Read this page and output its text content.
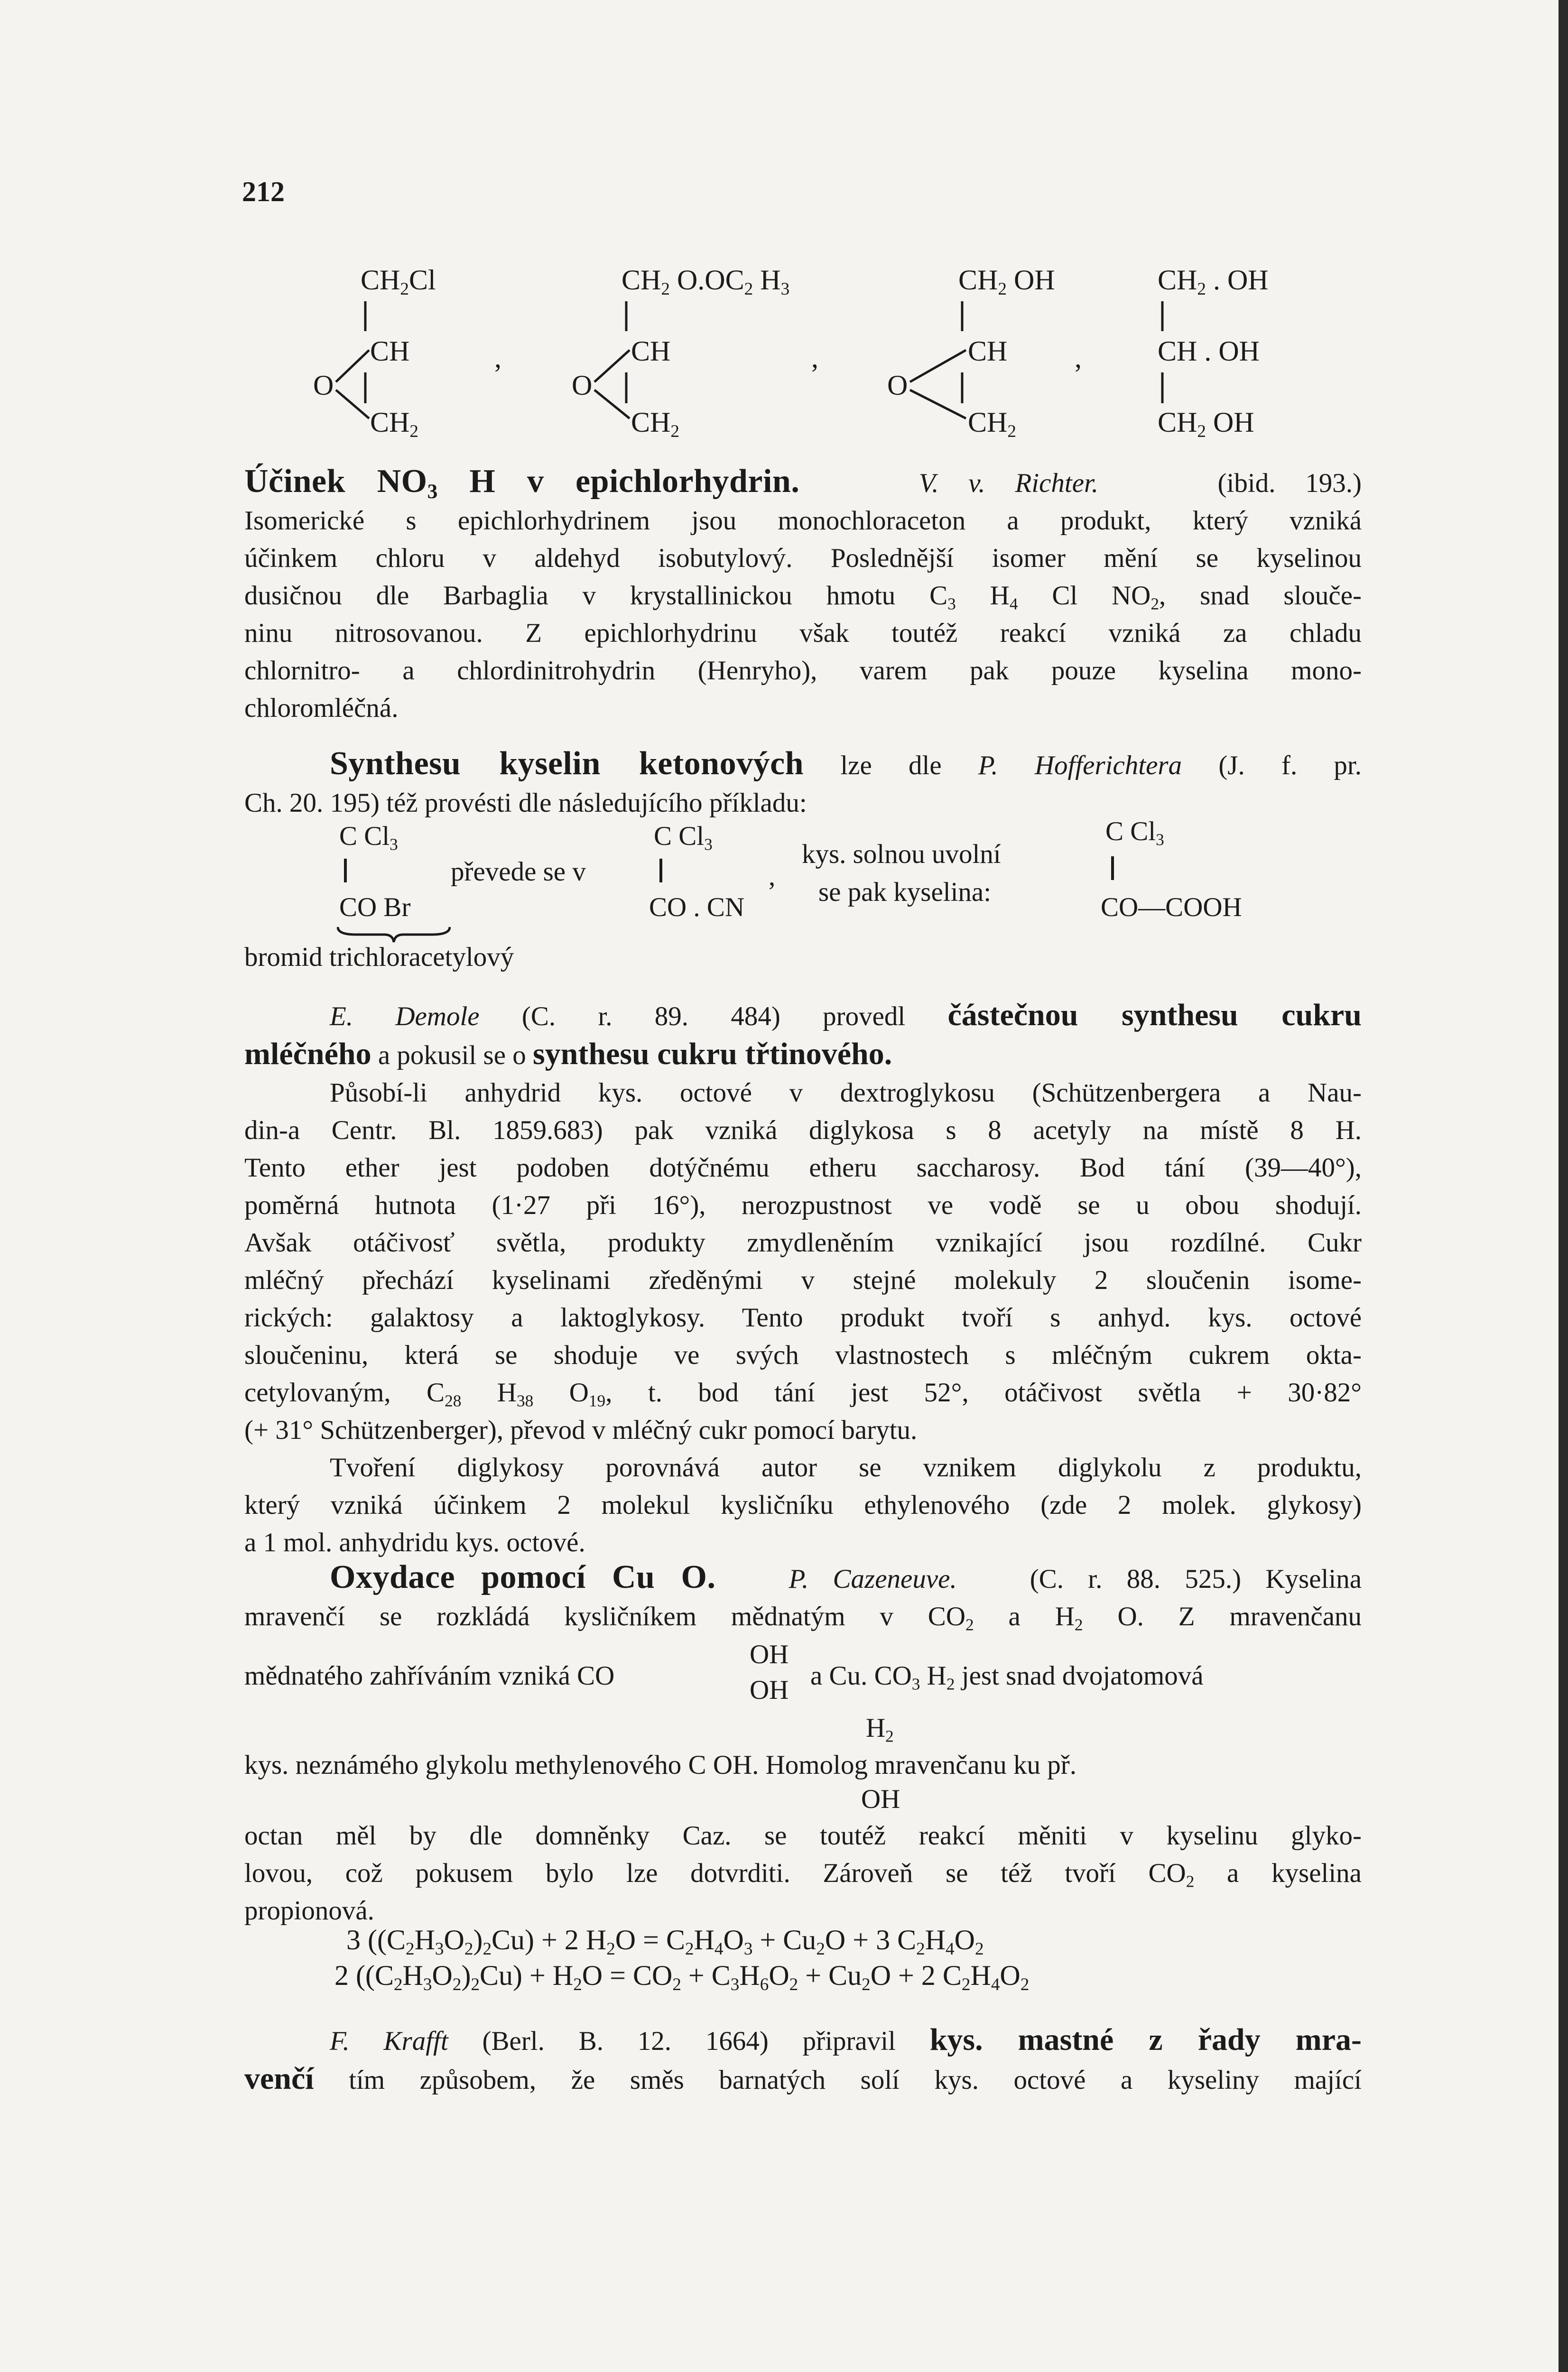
212
$CH_2Cl$
CH
$CH_2$
O
,
$CH_2$ $O.OC_2$ $H_3$
CH
$CH_2$
O
,
$CH_2$ OH
CH
$CH_2$
O
,
$CH_2$ . OH
CH . OH
$CH_2$ OH
Účinek $NO_3$ H v epichlorhydrin.	V. v. Richter.	(ibid. 193.)
Isomerické s epichlorhydrinem jsou monochloraceton a produkt, který vzniká
účinkem chloru v aldehyd isobutylový. Poslednější isomer mění se kyselinou
dusičnou dle Barbaglia v krystallinickou hmotu $C_3$ $H_4$ Cl $NO_2$, snad slouče-
ninu nitrosovanou. Z epichlorhydrinu však toutéž reakcí vzniká za chladu
chlornitro- a chlordinitrohydrin (Henryho), varem pak pouze kyselina mono-
chloromléčná.
Synthesu kyselin ketonových lze dle P. Hofferichtera (J. f. pr.
Ch. 20. 195) též provésti dle následujícího příkladu:
C $Cl_3$
CO Br
převede se v
C $Cl_3$
CO . CN
,
kys. solnou uvolní
se pak kyselina:
C $Cl_3$
CO—COOH
bromid trichloracetylový
E. Demole (C. r. 89. 484) provedl částečnou synthesu cukru
mléčného a pokusil se o synthesu cukru třtinového.
Působí-li anhydrid kys. octové v dextroglykosu (Schützenbergera a Nau-
din-a Centr. Bl. 1859.683) pak vzniká diglykosa s 8 acetyly na místě 8 H.
Tento ether jest podoben dotýčnému etheru saccharosy. Bod tání (39—40°),
poměrná hutnota (1·27 při 16°), nerozpustnost ve vodě se u obou shodují.
Avšak otáčivosť světla, produkty zmydleněním vznikající jsou rozdílné. Cukr
mléčný přechází kyselinami zředěnými v stejné molekuly 2 sloučenin isome-
rických: galaktosy a laktoglykosy. Tento produkt tvoří s anhyd. kys. octové
sloučeninu, která se shoduje ve svých vlastnostech s mléčným cukrem okta-
cetylovaným, $C_{28}$ $H_{38}$ $O_{19}$, t. bod tání jest 52°, otáčivost světla + 30·82°
(+ 31° Schützenberger), převod v mléčný cukr pomocí barytu.
Tvoření diglykosy porovnává autor se vznikem diglykolu z produktu,
který vzniká účinkem 2 molekul kysličníku ethylenového (zde 2 molek. glykosy)
a 1 mol. anhydridu kys. octové.
Oxydace pomocí Cu O.	P. Cazeneuve.	(C. r. 88. 525.) Kyselina
mravenčí se rozkládá kysličníkem mědnatým v $CO_2$ a $H_2$ O. Z mravenčanu
mědnatého zahříváním vzniká CO
OH
OH a Cu. $CO_3$ $H_2$ jest snad dvojatomová
$H_2$
kys. neznámého glykolu methylenového C OH. Homolog mravenčanu ku př.
OH
octan měl by dle domněnky Caz. se toutéž reakcí měniti v kyselinu glyko-
lovou, což pokusem bylo lze dotvrditi. Zároveň se též tvoří $CO_2$ a kyselina
propionová.
3 $((C_2H_3O_2)_2Cu) + 2$ $H_2O = C_2H_4O_3 + Cu_2O + 3$ $C_2H_4O_2$
2 $((C_2H_3O_2)_2Cu) + H_2O = CO_2 + C_3H_6O_2 + Cu_2O + 2$ $C_2H_4O_2$
F. Krafft (Berl. B. 12. 1664) připravil kys. mastné z řady mra-
venčí tím způsobem, že směs barnatých solí kys. octové a kyseliny mající
